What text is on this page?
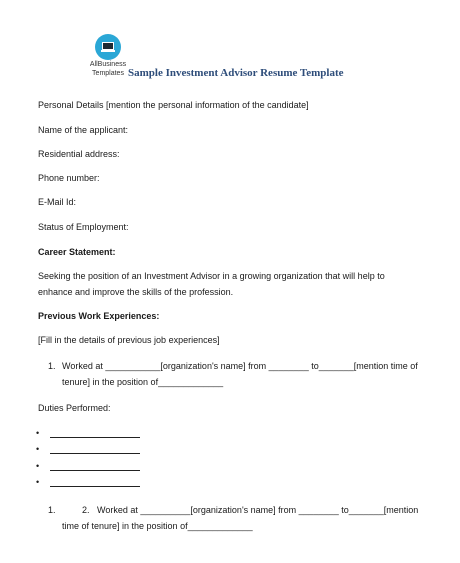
AllBusiness
Templates Sample Investment Advisor Resume Template
Personal Details [mention the personal information of the candidate]
Name of the applicant:
Residential address:
Phone number:
E-Mail Id:
Status of Employment:
Career Statement:
Seeking the position of an Investment Advisor in a growing organization that will help to
enhance and improve the skills of the profession.
Previous Work Experiences:
[Fill in the details of previous job experiences]
1. Worked at ___________[organization's name] from ________ to_______[mention time of
tenure] in the position of_____________
Duties Performed:
•
•
•
•
1.	2. Worked at __________[organization's name] from ________ to_______[mention
time of tenure] in the position of_____________
